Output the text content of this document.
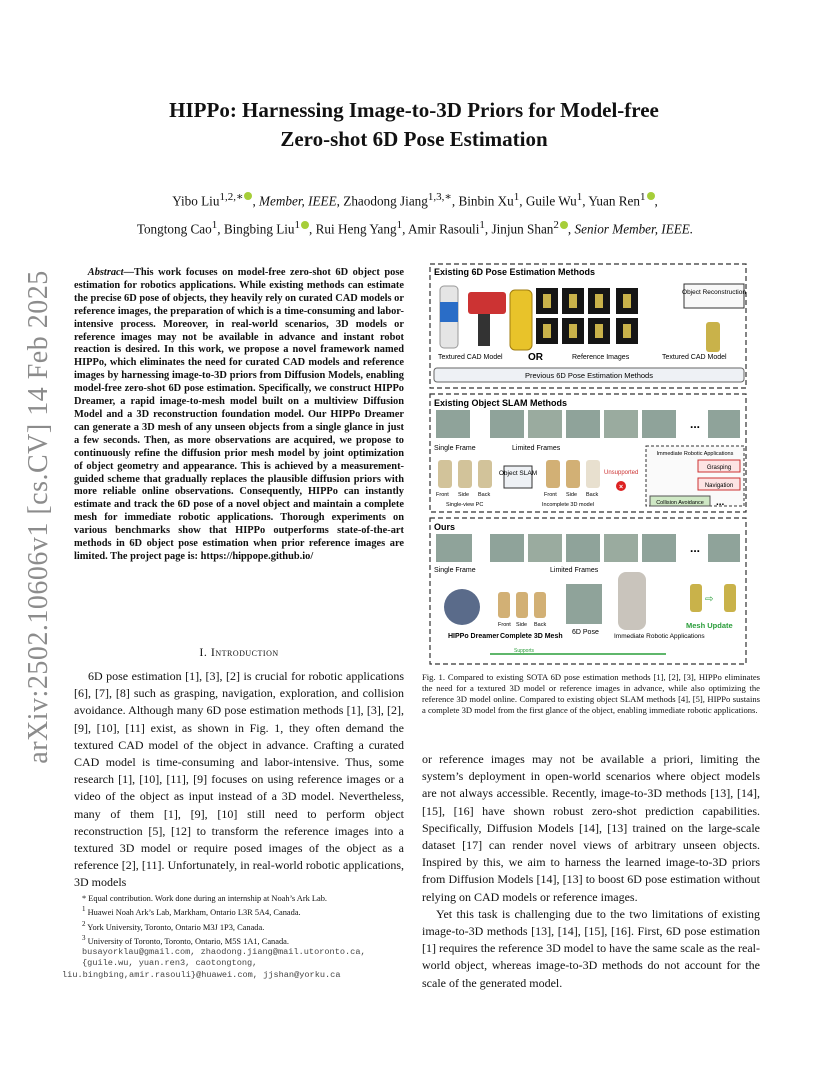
arXiv:2502.10606v1 [cs.CV] 14 Feb 2025
HIPPo: Harnessing Image-to-3D Priors for Model-free
Zero-shot 6D Pose Estimation
Yibo Liu$^{1,2,∗}$ , Member, IEEE, Zhaodong Jiang$^{1,3,∗}$, Binbin Xu$^1$, Guile Wu$^1$, Yuan Ren$^1$ ,
Tongtong Cao$^1$, Bingbing Liu$^1$ , Rui Heng Yang$^1$, Amir Rasouli$^1$, Jinjun Shan$^2$ , Senior Member, IEEE.
Abstract—This work focuses on model-free zero-shot 6D object pose estimation for robotics applications. While existing methods can estimate the precise 6D pose of objects, they heavily rely on curated CAD models or reference images, the preparation of which is a time-consuming and labor-intensive process. Moreover, in real-world scenarios, 3D models or reference images may not be available in advance and instant robot reaction is desired. In this work, we propose a novel framework named HIPPo, which eliminates the need for curated CAD models and reference images by harnessing image-to-3D priors from Diffusion Models, enabling model-free zero-shot 6D pose estimation. Specifically, we construct HIPPo Dreamer, a rapid image-to-mesh model built on a multiview Diffusion Model and a 3D reconstruction foundation model. Our HIPPo Dreamer can generate a 3D mesh of any unseen objects from a single glance in just a few seconds. Then, as more observations are acquired, we propose to continuously refine the diffusion prior mesh model by joint optimization of object geometry and appearance. This is achieved by a measurement-guided scheme that gradually replaces the plausible diffusion priors with more reliable online observations. Consequently, HIPPo can instantly estimate and track the 6D pose of a novel object and maintain a complete mesh for immediate robotic applications. Thorough experiments on various benchmarks show that HIPPo outperforms state-of-the-art methods in 6D object pose estimation when prior reference images are limited. The project page is: https://hippope.github.io/
I. Introduction

6D pose estimation [1], [3], [2] is crucial for robotic applications [6], [7], [8] such as grasping, navigation, exploration, and collision avoidance. Although many 6D pose estimation methods [1], [3], [2], [9], [10], [11] exist, as shown in Fig. 1, they often demand the textured CAD model of the object in advance. Crafting a curated CAD model is time-consuming and labor-intensive. Thus, some research [1], [10], [11], [9] focuses on using reference images or a video of the object as input instead of a 3D model. Nevertheless, many of them [1], [9], [10] still need to perform object reconstruction [5], [12] to transform the reference images into a textured 3D model or require posed images of the object as a reference [2], [11]. Unfortunately, in real-world robotic applications, 3D models

* Equal contribution. Work done during an internship at Noah’s Ark Lab.
$^1$ Huawei Noah Ark’s Lab, Markham, Ontario L3R 5A4, Canada.
$^2$ York University, Toronto, Ontario M3J 1P3, Canada.
$^3$ University of Toronto, Toronto, Ontario, M5S 1A1, Canada.
busayorklau@gmail.com, zhaodong.jiang@mail.utoronto.ca,
{guile.wu, yuan.ren3, caotongtong,
liu.bingbing,amir.rasouli}@huawei.com, jjshan@yorku.ca
Existing 6D Pose Estimation Methods
Textured CAD Model	OR	Reference Images
Object Reconstruction
Textured CAD Model
Previous 6D Pose Estimation Methods
Existing Object SLAM Methods
...
Single Frame	Limited Frames
Immediate Robotic Applications
Grasping
Navigation
Collision Avoidance ...
Object SLAM
Front Side Back
Single-view PC
Front Side Back
Incomplete 3D model
Unsupported
×
Ours
...
Single Frame	Limited Frames
HIPPo Dreamer
Front Side Back
Complete 3D Mesh
6D Pose
Immediate Robotic Applications
⇨
Mesh Update
Supports
Fig. 1. Compared to existing SOTA 6D pose estimation methods [1], [2], [3], HIPPo eliminates the need for a textured 3D model or reference images in advance, while also optimizing the reference 3D model online. Compared to existing object SLAM methods [4], [5], HIPPo sustains a complete 3D model from the first glance of the object, enabling immediate robotic applications.

or reference images may not be available a priori, limiting the system’s deployment in open-world scenarios where object models are not always accessible. Recently, image-to-3D methods [13], [14], [15], [16] have shown robust zero-shot prediction capabilities. Specifically, Diffusion Models [14], [13] trained on the large-scale dataset [17] can render novel views of arbitrary unseen objects. Inspired by this, we aim to harness the learned image-to-3D priors from Diffusion Models [14], [13] to boost 6D pose estimation without relying on CAD models or reference images.

Yet this task is challenging due to the two limitations of existing image-to-3D methods [13], [14], [15], [16]. First, 6D pose estimation [1] requires the reference 3D model to have the same scale as the real-world object, whereas image-to-3D methods do not account for the scale of the generated model.
